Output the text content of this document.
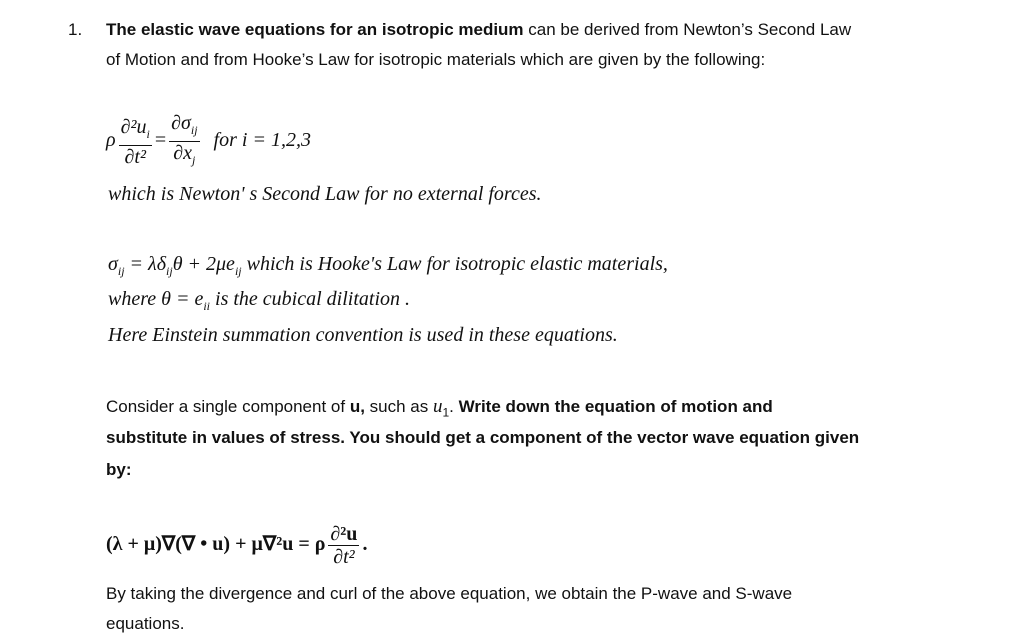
1. The elastic wave equations for an isotropic medium can be derived from Newton’s Second Law
of Motion and from Hooke’s Law for isotropic materials which are given by the following:
ρ $\frac{\partial^2u_i}{\text{∂t²}} = \frac{\partial\sigma_{ij}}{\partial x_j}$ for i = 1,2,3
which is Newton' s Second Law for no external forces.
$\sigma_{ij} = \lambda\delta_{ij}\theta + 2\mu e_{ij}$ which is Hooke's Law for isotropic elastic materials,
where $\theta = e_{ii}$ is the cubical dilitation .
Here Einstein summation convention is used in these equations.
Consider a single component of u, such as $u_1$. Write down the equation of motion and
substitute in values of stress. You should get a component of the vector wave equation given
by:
(λ + μ)∇(∇ • u) + μ∇²u = ρ $\frac{\text{∂²u}}{\text{∂t²}}$ .
By taking the divergence and curl of the above equation, we obtain the P-wave and S-wave
equations.
